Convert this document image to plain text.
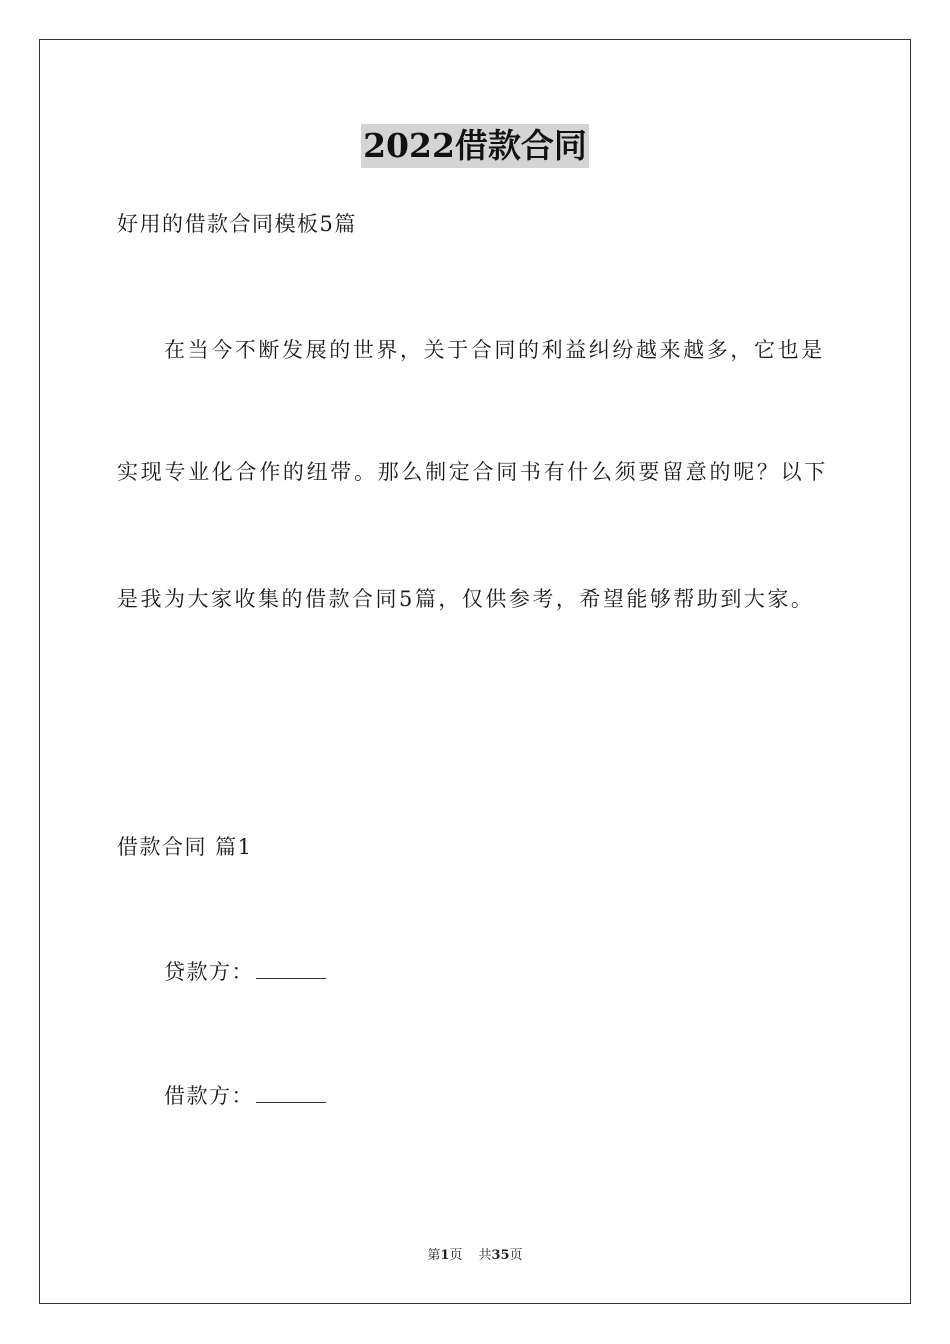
2022借款合同
好用的借款合同模板5篇
在当今不断发展的世界，关于合同的利益纠纷越来越多，它也是
实现专业化合作的纽带。那么制定合同书有什么须要留意的呢？以下
是我为大家收集的借款合同5篇，仅供参考，希望能够帮助到大家。
借款合同 篇1
贷款方：
借款方：
第1页 共35页
